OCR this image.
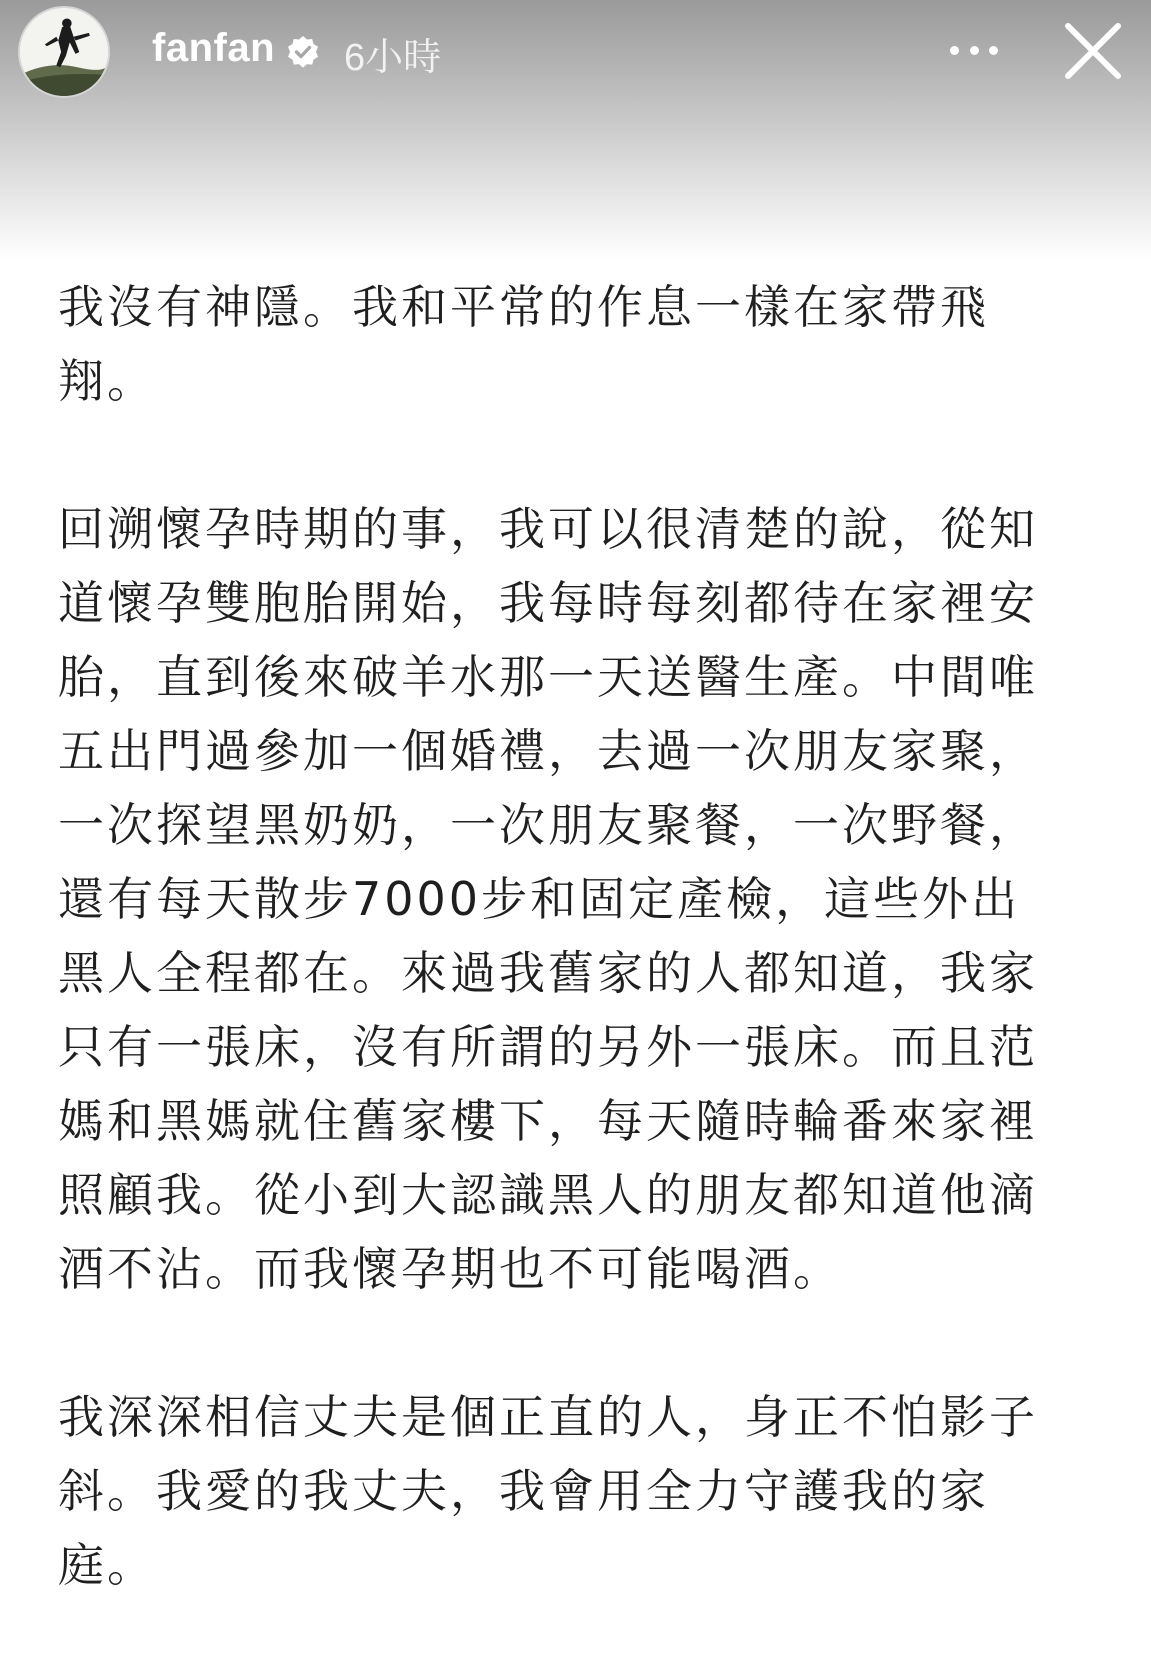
fanfan 6小時

我沒有神隱。我和平常的作息一樣在家帶飛翔。

回溯懷孕時期的事，我可以很清楚的說，從知道懷孕雙胞胎開始，我每時每刻都待在家裡安胎，直到後來破羊水那一天送醫生產。中間唯五出門過參加一個婚禮，去過一次朋友家聚，一次探望黑奶奶，一次朋友聚餐，一次野餐，還有每天散步7000步和固定產檢，這些外出黑人全程都在。來過我舊家的人都知道，我家只有一張床，沒有所謂的另外一張床。而且范媽和黑媽就住舊家樓下，每天隨時輪番來家裡照顧我。從小到大認識黑人的朋友都知道他滴酒不沾。而我懷孕期也不可能喝酒。

我深深相信丈夫是個正直的人，身正不怕影子斜。我愛的我丈夫，我會用全力守護我的家庭。
